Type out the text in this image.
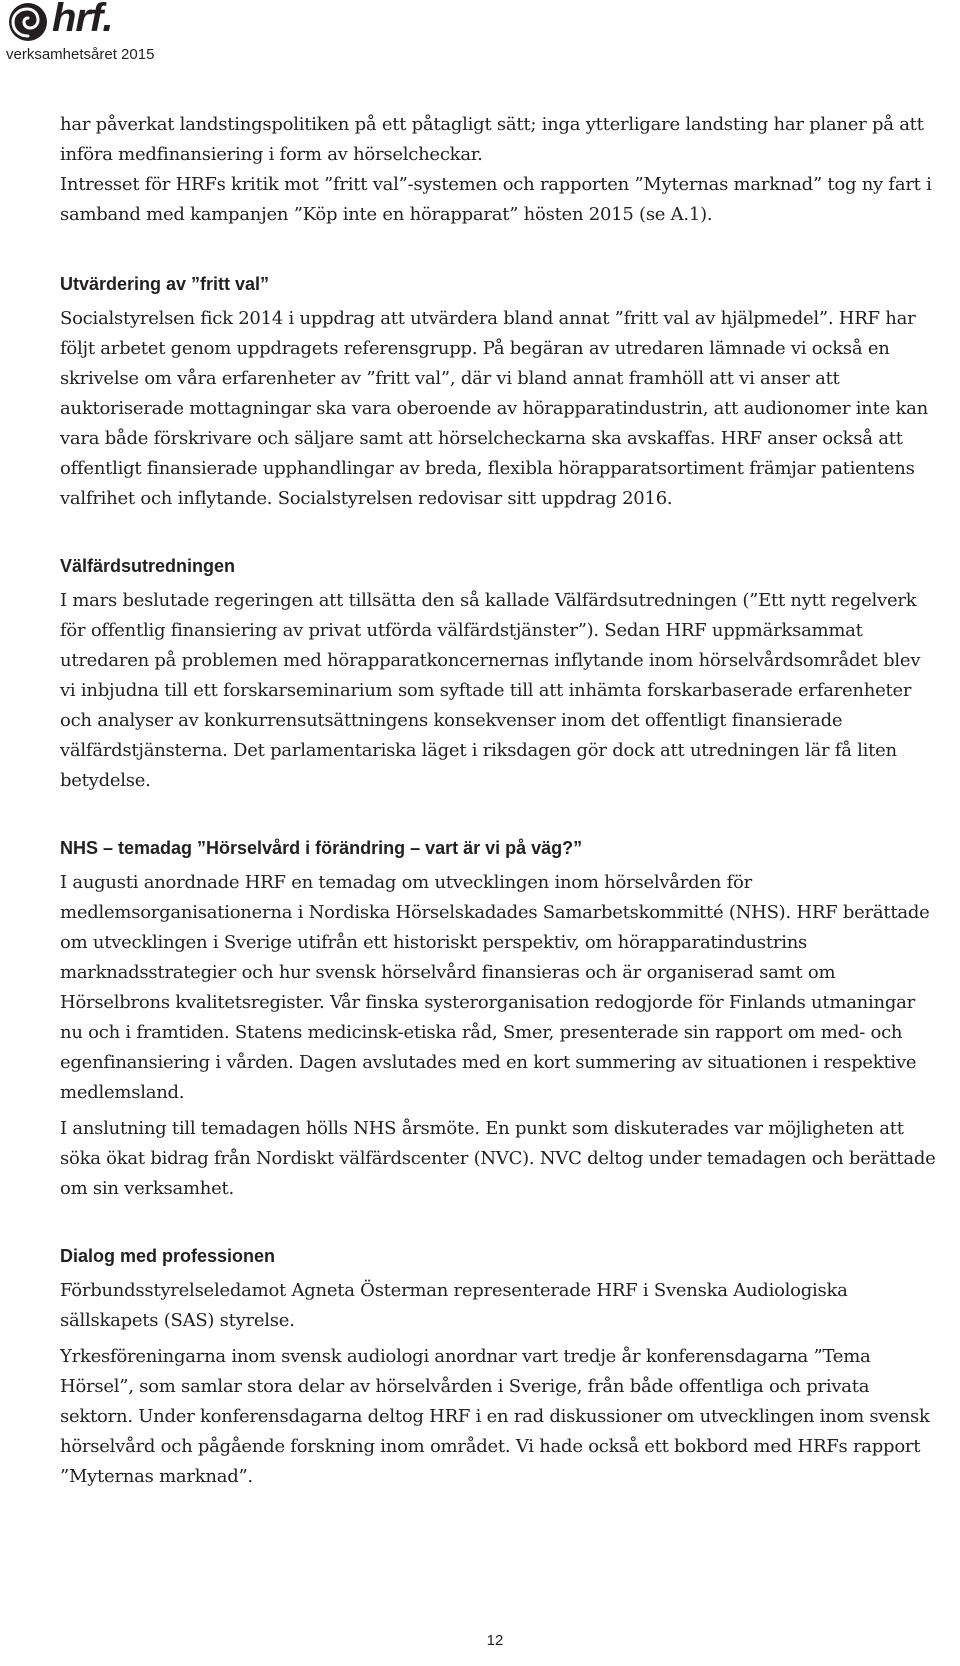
hrf.
verksamhetsåret 2015

har påverkat landstingspolitiken på ett påtagligt sätt; inga ytterligare landsting har planer på att införa medfinansiering i form av hörselcheckar.

Intresset för HRFs kritik mot ”fritt val”-systemen och rapporten ”Myternas marknad” tog ny fart i samband med kampanjen ”Köp inte en hörapparat” hösten 2015 (se A.1).

Utvärdering av ”fritt val”

Socialstyrelsen fick 2014 i uppdrag att utvärdera bland annat ”fritt val av hjälpmedel”. HRF har följt arbetet genom uppdragets referensgrupp. På begäran av utredaren lämnade vi också en skrivelse om våra erfarenheter av ”fritt val”, där vi bland annat framhöll att vi anser att auktoriserade mottagningar ska vara oberoende av hörapparatindustrin, att audionomer inte kan vara både förskrivare och säljare samt att hörselcheckarna ska avskaffas. HRF anser också att offentligt finansierade upphandlingar av breda, flexibla hörapparatsortiment främjar patientens valfrihet och inflytande. Socialstyrelsen redovisar sitt uppdrag 2016.

Välfärdsutredningen

I mars beslutade regeringen att tillsätta den så kallade Välfärdsutredningen (”Ett nytt regelverk för offentlig finansiering av privat utförda välfärdstjänster”). Sedan HRF uppmärksammat utredaren på problemen med hörapparatkoncernernas inflytande inom hörselvårdsområdet blev vi inbjudna till ett forskarseminarium som syftade till att inhämta forskarbaserade erfarenheter och analyser av konkurrensutsättningens konsekvenser inom det offentligt finansierade välfärdstjänsterna. Det parlamentariska läget i riksdagen gör dock att utredningen lär få liten betydelse.

NHS – temadag ”Hörselvård i förändring – vart är vi på väg?”

I augusti anordnade HRF en temadag om utvecklingen inom hörselvården för medlemsorganisationerna i Nordiska Hörselskadades Samarbetskommitté (NHS). HRF berättade om utvecklingen i Sverige utifrån ett historiskt perspektiv, om hörapparatindustrins marknadsstrategier och hur svensk hörselvård finansieras och är organiserad samt om Hörselbrons kvalitetsregister. Vår finska systerorganisation redogjorde för Finlands utmaningar nu och i framtiden. Statens medicinsk-etiska råd, Smer, presenterade sin rapport om med- och egenfinansiering i vården. Dagen avslutades med en kort summering av situationen i respektive medlemsland.

I anslutning till temadagen hölls NHS årsmöte. En punkt som diskuterades var möjligheten att söka ökat bidrag från Nordiskt välfärdscenter (NVC). NVC deltog under temadagen och berättade om sin verksamhet.

Dialog med professionen

Förbundsstyrelseledamot Agneta Österman representerade HRF i Svenska Audiologiska sällskapets (SAS) styrelse.

Yrkesföreningarna inom svensk audiologi anordnar vart tredje år konferensdagarna ”Tema Hörsel”, som samlar stora delar av hörselvården i Sverige, från både offentliga och privata sektorn. Under konferensdagarna deltog HRF i en rad diskussioner om utvecklingen inom svensk hörselvård och pågående forskning inom området. Vi hade också ett bokbord med HRFs rapport ”Myternas marknad”.

12
